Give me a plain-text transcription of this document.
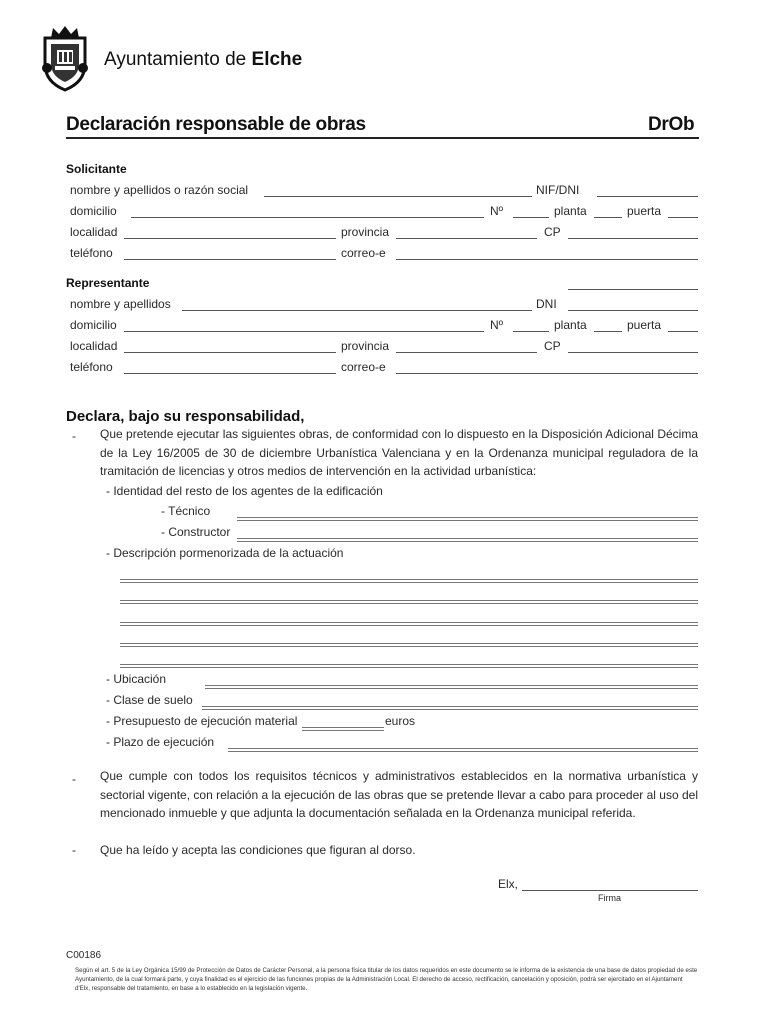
Ayuntamiento de Elche
Declaración responsable de obras	DrOb
Solicitante
nombre y apellidos o razón social	NIF/DNI
domicilio	Nº	planta	puerta
localidad	provincia	CP
teléfono	correo-e
Representante
nombre y apellidos	DNI
domicilio	Nº	planta	puerta
localidad	provincia	CP
teléfono	correo-e
Declara, bajo su responsabilidad,
- Que pretende ejecutar las siguientes obras, de conformidad con lo dispuesto en la Disposición Adicional Décima de la Ley 16/2005 de 30 de diciembre Urbanística Valenciana y en la Ordenanza municipal reguladora de la tramitación de licencias y otros medios de intervención en la actividad urbanística:
- Identidad del resto de los agentes de la edificación
- Técnico
- Constructor
- Descripción pormenorizada de la actuación
- Ubicación
- Clase de suelo
- Presupuesto de ejecución material	euros
- Plazo de ejecución
- Que cumple con todos los requisitos técnicos y administrativos establecidos en la normativa urbanística y sectorial vigente, con relación a la ejecución de las obras que se pretende llevar a cabo para proceder al uso del mencionado inmueble y que adjunta la documentación señalada en la Ordenanza municipal referida.
- Que ha leído y acepta las condiciones que figuran al dorso.
Elx,
Firma
C00186
Según el art. 5 de la Ley Orgánica 15/99 de Protección de Datos de Carácter Personal, a la persona física titular de los datos requeridos en este documento se le informa de la existencia de una base de datos propiedad de este Ayuntamiento, de la cual formará parte, y cuya finalidad es el ejercicio de las funciones propias de la Administración Local. El derecho de acceso, rectificación, cancelación y oposición, podrá ser ejercitado en el Ajuntament d'Elx, responsable del tratamiento, en base a lo establecido en la legislación vigente.
